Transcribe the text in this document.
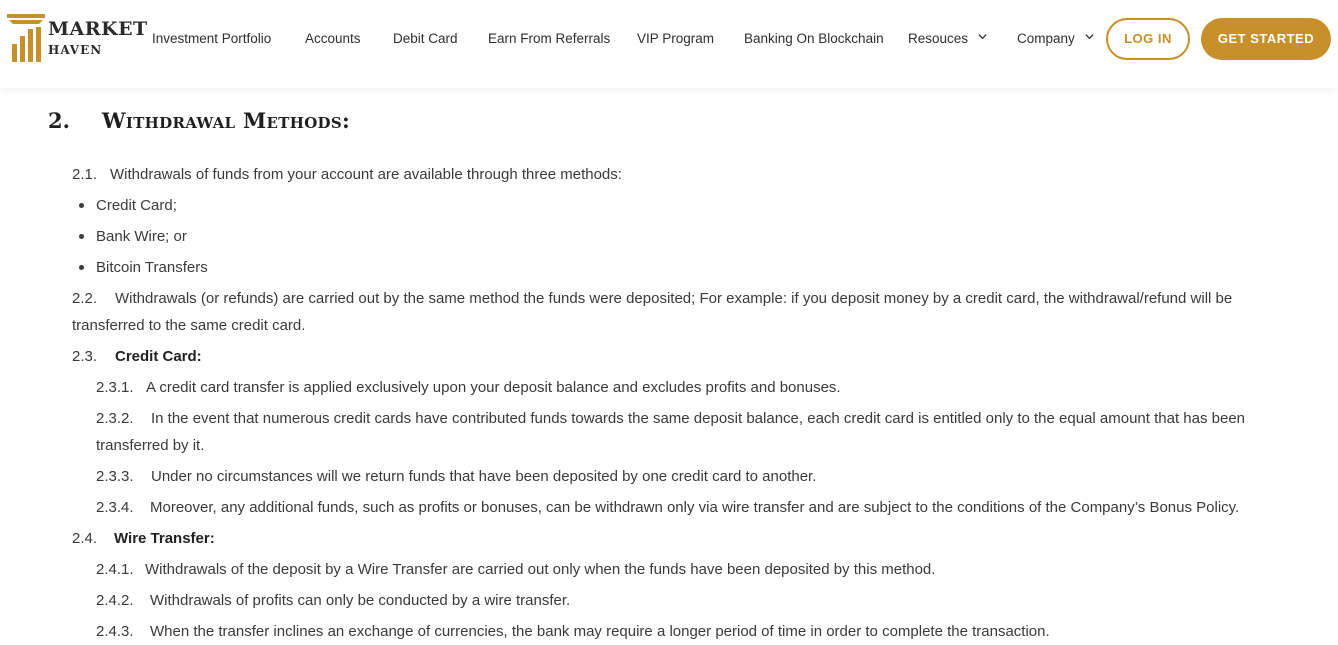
MARKET
HAVEN
Investment Portfolio Accounts Debit Card Earn From Referrals VIP Program Banking On Blockchain Resouces	Company	LOG IN	GET STARTED
2. Withdrawal Methods:
2.1. Withdrawals of funds from your account are available through three methods:
Credit Card;
Bank Wire; or
Bitcoin Transfers
2.2. Withdrawals (or refunds) are carried out by the same method the funds were deposited; For example: if you deposit money by a credit card, the withdrawal/refund will be
transferred to the same credit card.
2.3. Credit Card:
2.3.1. A credit card transfer is applied exclusively upon your deposit balance and excludes profits and bonuses.
2.3.2. In the event that numerous credit cards have contributed funds towards the same deposit balance, each credit card is entitled only to the equal amount that has been
transferred by it.
2.3.3. Under no circumstances will we return funds that have been deposited by one credit card to another.
2.3.4. Moreover, any additional funds, such as profits or bonuses, can be withdrawn only via wire transfer and are subject to the conditions of the Company’s Bonus Policy.
2.4. Wire Transfer:
2.4.1. Withdrawals of the deposit by a Wire Transfer are carried out only when the funds have been deposited by this method.
2.4.2. Withdrawals of profits can only be conducted by a wire transfer.
2.4.3. When the transfer inclines an exchange of currencies, the bank may require a longer period of time in order to complete the transaction.
